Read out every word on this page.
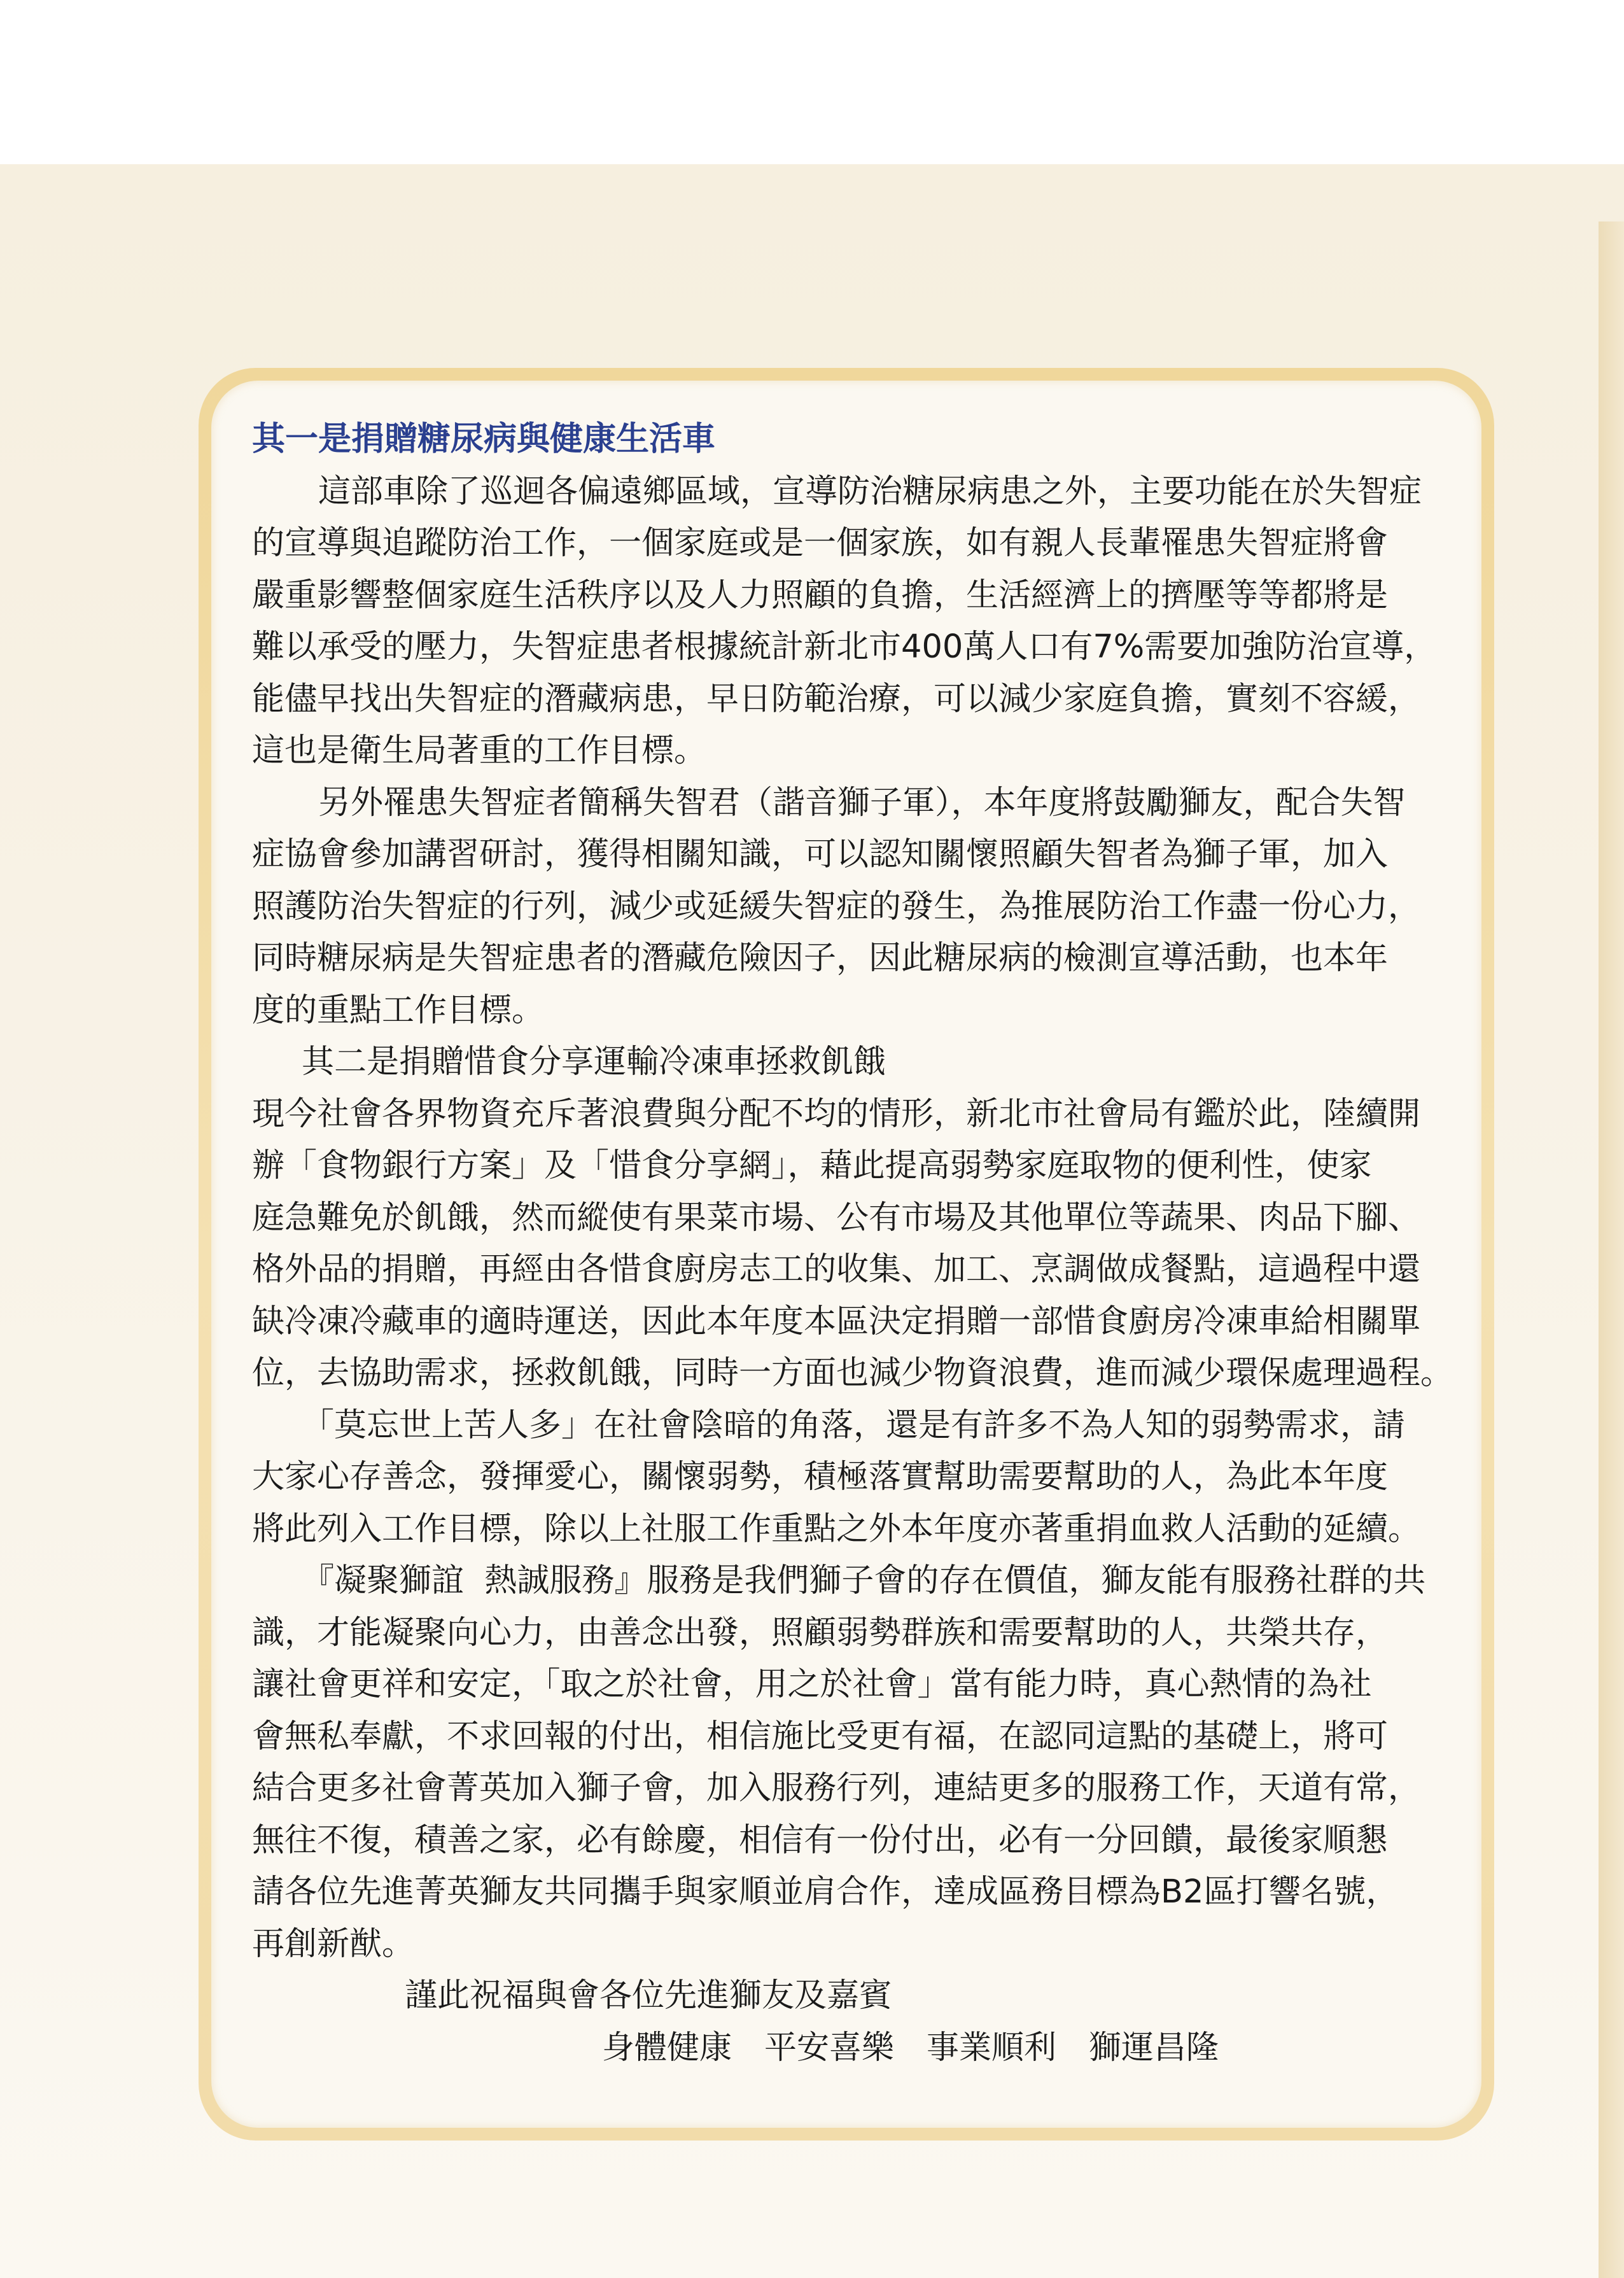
其一是捐贈糖尿病與健康生活車
這部車除了巡迴各偏遠鄉區域，宣導防治糖尿病患之外，主要功能在於失智症
的宣導與追蹤防治工作，一個家庭或是一個家族，如有親人長輩罹患失智症將會
嚴重影響整個家庭生活秩序以及人力照顧的負擔，生活經濟上的擠壓等等都將是
難以承受的壓力，失智症患者根據統計新北市400萬人口有7%需要加強防治宣導，
能儘早找出失智症的潛藏病患，早日防範治療，可以減少家庭負擔，實刻不容緩，
這也是衛生局著重的工作目標。
另外罹患失智症者簡稱失智君（諧音獅子軍），本年度將鼓勵獅友，配合失智
症協會參加講習研討，獲得相關知識，可以認知關懷照顧失智者為獅子軍，加入
照護防治失智症的行列，減少或延緩失智症的發生，為推展防治工作盡一份心力，
同時糖尿病是失智症患者的潛藏危險因子，因此糖尿病的檢測宣導活動，也本年
度的重點工作目標。
其二是捐贈惜食分享運輸冷凍車拯救飢餓
現今社會各界物資充斥著浪費與分配不均的情形，新北市社會局有鑑於此，陸續開
辦「食物銀行方案」及「惜食分享網」，藉此提高弱勢家庭取物的便利性，使家
庭急難免於飢餓，然而縱使有果菜市場、公有市場及其他單位等蔬果、肉品下腳、
格外品的捐贈，再經由各惜食廚房志工的收集、加工、烹調做成餐點，這過程中還
缺冷凍冷藏車的適時運送，因此本年度本區決定捐贈一部惜食廚房冷凍車給相關單
位，去協助需求，拯救飢餓，同時一方面也減少物資浪費，進而減少環保處理過程。
「莫忘世上苦人多」在社會陰暗的角落，還是有許多不為人知的弱勢需求，請
大家心存善念，發揮愛心，關懷弱勢，積極落實幫助需要幫助的人，為此本年度
將此列入工作目標，除以上社服工作重點之外本年度亦著重捐血救人活動的延續。
『凝聚獅誼  熱誠服務』服務是我們獅子會的存在價值，獅友能有服務社群的共
識，才能凝聚向心力，由善念出發，照顧弱勢群族和需要幫助的人，共榮共存，
讓社會更祥和安定，「取之於社會，用之於社會」當有能力時，真心熱情的為社
會無私奉獻，不求回報的付出，相信施比受更有福，在認同這點的基礎上，將可
結合更多社會菁英加入獅子會，加入服務行列，連結更多的服務工作，天道有常，
無往不復，積善之家，必有餘慶，相信有一份付出，必有一分回饋，最後家順懇
請各位先進菁英獅友共同攜手與家順並肩合作，達成區務目標為B2區打響名號，
再創新猷。
謹此祝福與會各位先進獅友及嘉賓
身體健康　平安喜樂　事業順利　獅運昌隆
